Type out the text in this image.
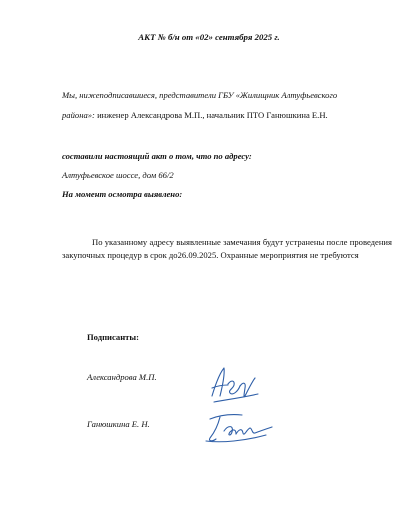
АКТ № б/н от «02» сентября 2025 г.
Мы, нижеподписавшиеся, представители ГБУ «Жилищник Алтуфьевского
района»: инженер Александрова М.П., начальник ПТО Ганюшкина Е.Н.
составили настоящий акт о том, что по адресу:
Алтуфьевское шоссе, дом 66/2
На момент осмотра выявлено:
По указанному адресу выявленные замечания будут устранены после проведения закупочных процедур в срок до26.09.2025. Охранные мероприятия не требуются
Подписанты:
Александрова М.П.
Ганюшкина Е. Н.
